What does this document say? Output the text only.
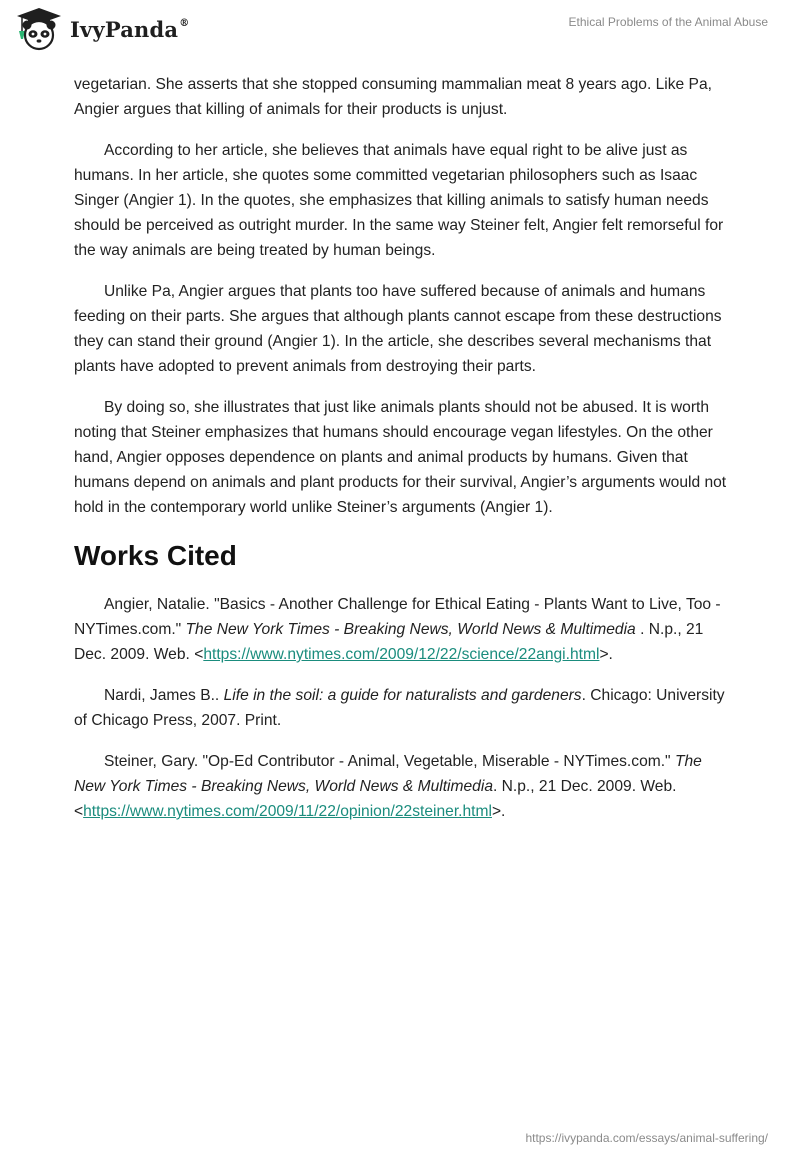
IvyPanda®	Ethical Problems of the Animal Abuse

vegetarian. She asserts that she stopped consuming mammalian meat 8 years ago. Like Pa, Angier argues that killing of animals for their products is unjust.

According to her article, she believes that animals have equal right to be alive just as humans. In her article, she quotes some committed vegetarian philosophers such as Isaac Singer (Angier 1). In the quotes, she emphasizes that killing animals to satisfy human needs should be perceived as outright murder. In the same way Steiner felt, Angier felt remorseful for the way animals are being treated by human beings.

Unlike Pa, Angier argues that plants too have suffered because of animals and humans feeding on their parts. She argues that although plants cannot escape from these destructions they can stand their ground (Angier 1). In the article, she describes several mechanisms that plants have adopted to prevent animals from destroying their parts.

By doing so, she illustrates that just like animals plants should not be abused. It is worth noting that Steiner emphasizes that humans should encourage vegan lifestyles. On the other hand, Angier opposes dependence on plants and animal products by humans. Given that humans depend on animals and plant products for their survival, Angier’s arguments would not hold in the contemporary world unlike Steiner’s arguments (Angier 1).

Works Cited

Angier, Natalie. "Basics - Another Challenge for Ethical Eating - Plants Want to Live, Too - NYTimes.com." The New York Times - Breaking News, World News & Multimedia . N.p., 21 Dec. 2009. Web. <https://www.nytimes.com/2009/12/22/science/22angi.html>.

Nardi, James B.. Life in the soil: a guide for naturalists and gardeners. Chicago: University of Chicago Press, 2007. Print.

Steiner, Gary. "Op-Ed Contributor - Animal, Vegetable, Miserable - NYTimes.com." The New York Times - Breaking News, World News & Multimedia. N.p., 21 Dec. 2009. Web. <https://www.nytimes.com/2009/11/22/opinion/22steiner.html>.

https://ivypanda.com/essays/animal-suffering/
